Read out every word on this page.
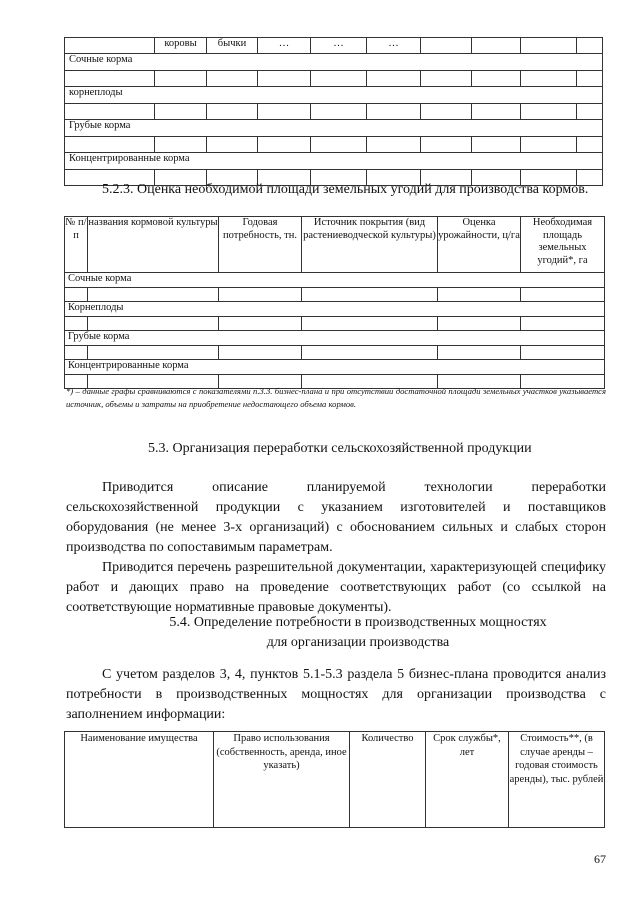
	коровы	бычки	…	…	…				
Сочные корма									

корнеплоды									

Грубые корма									

Концентрированные корма									

5.2.3. Оценка необходимой площади земельных угодий для производства кормов.

№ п/п	названия кормовой культуры	Годовая потребность, тн.	Источник покрытия (вид растениеводческой культуры)	Оценка урожайности, ц/га	Необходимая площадь земельных угодий*, га
Сочные корма					

Корнеплоды					

Грубые корма					

Концентрированные корма					

*) – данные графы сравниваются с показателями п.3.3. бизнес-плана и при отсутствии достаточной площади земельных участков указывается источник, объемы и затраты на приобретение недостающего объема кормов.
5.3. Организация переработки сельскохозяйственной продукции

Приводится описание планируемой технологии переработки

сельскохозяйственной продукции с указанием изготовителей и поставщиков оборудования (не менее 3-х организаций) с обоснованием сильных и слабых сторон производства по сопоставимым параметрам.

Приводится перечень разрешительной документации, характеризующей специфику работ и дающих право на проведение соответствующих работ (со ссылкой на соответствующие нормативные правовые документы).

5.4. Определение потребности в производственных мощностях
для организации производства

С учетом разделов 3, 4, пунктов 5.1-5.3 раздела 5 бизнес-плана проводится анализ потребности в производственных мощностях для организации производства с заполнением информации:

Наименование имущества	Право использования (собственность, аренда, иное указать)	Количество	Срок службы*, лет	Стоимость**, (в случае аренды – годовая стоимость аренды), тыс. рублей
67
